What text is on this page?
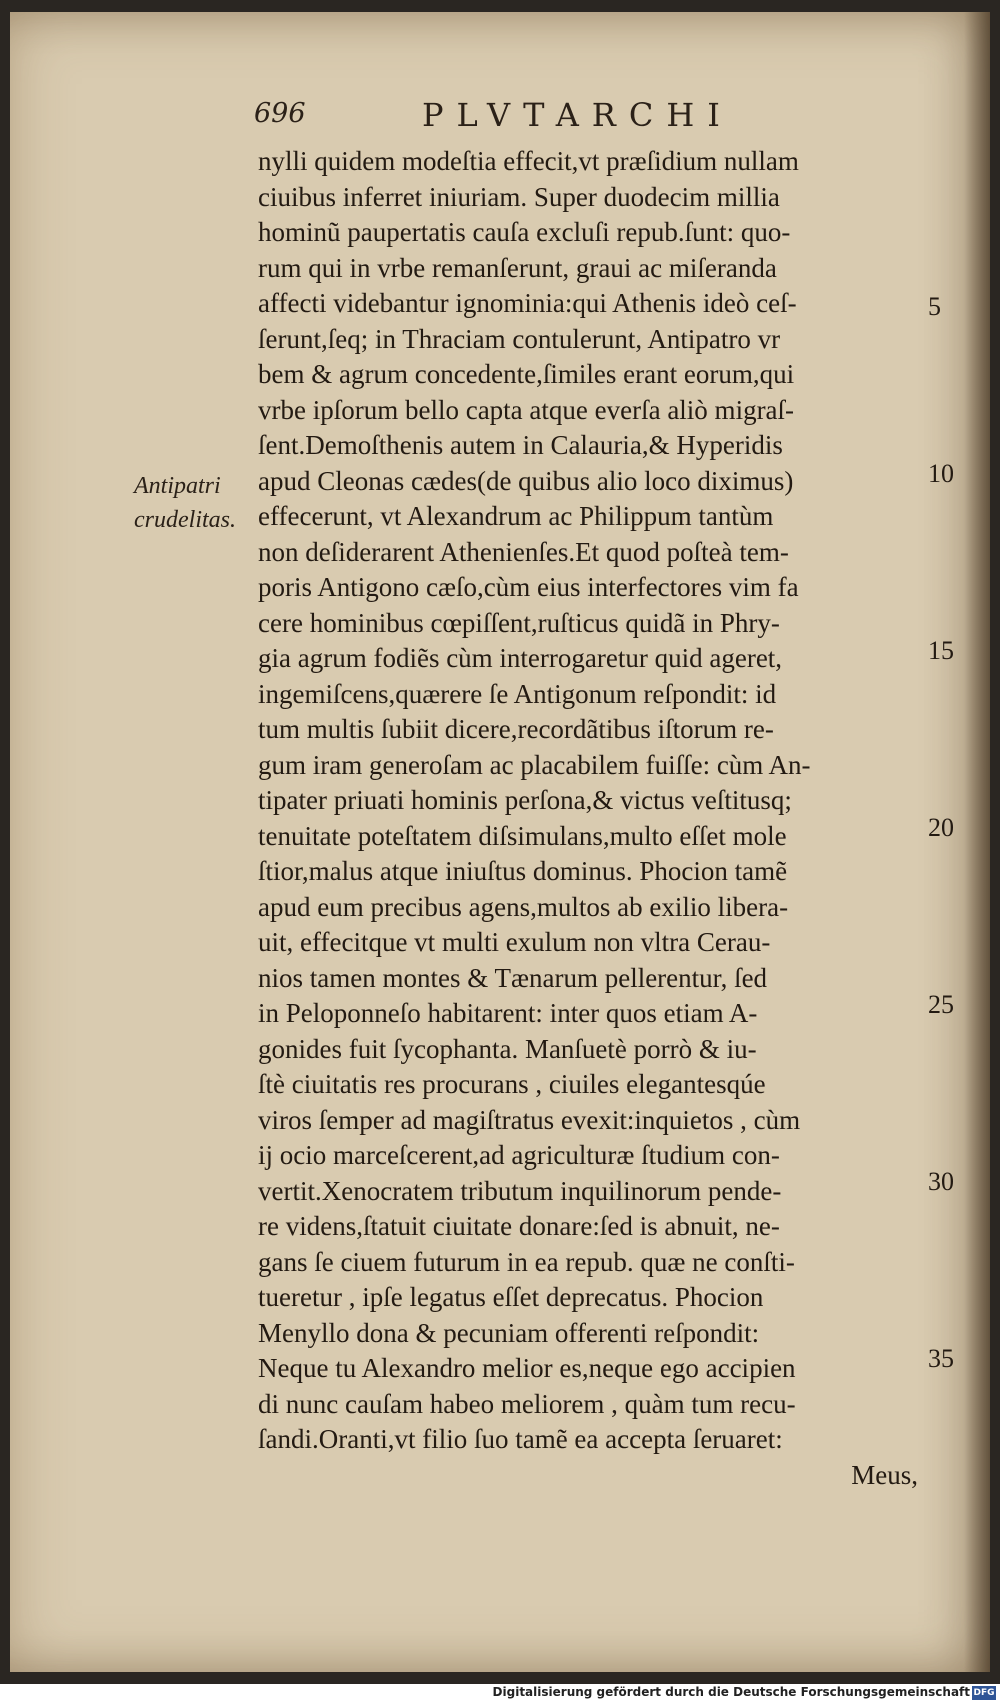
696	PLVTARCHI
Antipatri
crudelitas.
nylli quidem modeſtia effecit,vt præſidium nullam
ciuibus inferret iniuriam. Super duodecim millia
hominũ paupertatis cauſa excluſi repub.ſunt: quo-
rum qui in vrbe remanſerunt, graui ac miſeranda
affecti videbantur ignominia:qui Athenis ideò ceſ-
ſerunt,ſeq; in Thraciam contulerunt, Antipatro vr
bem & agrum concedente,ſimiles erant eorum,qui
vrbe ipſorum bello capta atque everſa aliò migraſ-
ſent.Demoſthenis autem in Calauria,& Hyperidis
apud Cleonas cædes(de quibus alio loco diximus)
effecerunt, vt Alexandrum ac Philippum tantùm
non deſiderarent Athenienſes.Et quod poſteà tem-
poris Antigono cæſo,cùm eius interfectores vim fa
cere hominibus cœpiſſent,ruſticus quidã in Phry-
gia agrum fodiẽs cùm interrogaretur quid ageret,
ingemiſcens,quærere ſe Antigonum reſpondit: id
tum multis ſubiit dicere,recordãtibus iſtorum re-
gum iram generoſam ac placabilem fuiſſe: cùm An-
tipater priuati hominis perſona,& victus veſtitusq;
tenuitate poteſtatem diſsimulans,multo eſſet mole
ſtior,malus atque iniuſtus dominus. Phocion tamẽ
apud eum precibus agens,multos ab exilio libera-
uit, effecitque vt multi exulum non vltra Cerau-
nios tamen montes & Tænarum pellerentur, ſed
in Peloponneſo habitarent: inter quos etiam A-
gonides fuit ſycophanta. Manſuetè porrò & iu-
ſtè ciuitatis res procurans , ciuiles elegantesqúe
viros ſemper ad magiſtratus evexit:inquietos , cùm
ij ocio marceſcerent,ad agriculturæ ſtudium con-
vertit.Xenocratem tributum inquilinorum pende-
re videns,ſtatuit ciuitate donare:ſed is abnuit, ne-
gans ſe ciuem futurum in ea repub. quæ ne conſti-
tueretur , ipſe legatus eſſet deprecatus. Phocion
Menyllo dona & pecuniam offerenti reſpondit:
Neque tu Alexandro melior es,neque ego accipien
di nunc cauſam habeo meliorem , quàm tum recu-
ſandi.Oranti,vt filio ſuo tamẽ ea accepta ſeruaret:
Meus,
5
10
15
20
25
30
35
Digitalisierung gefördert durch die Deutsche Forschungsgemeinschaft DFG
